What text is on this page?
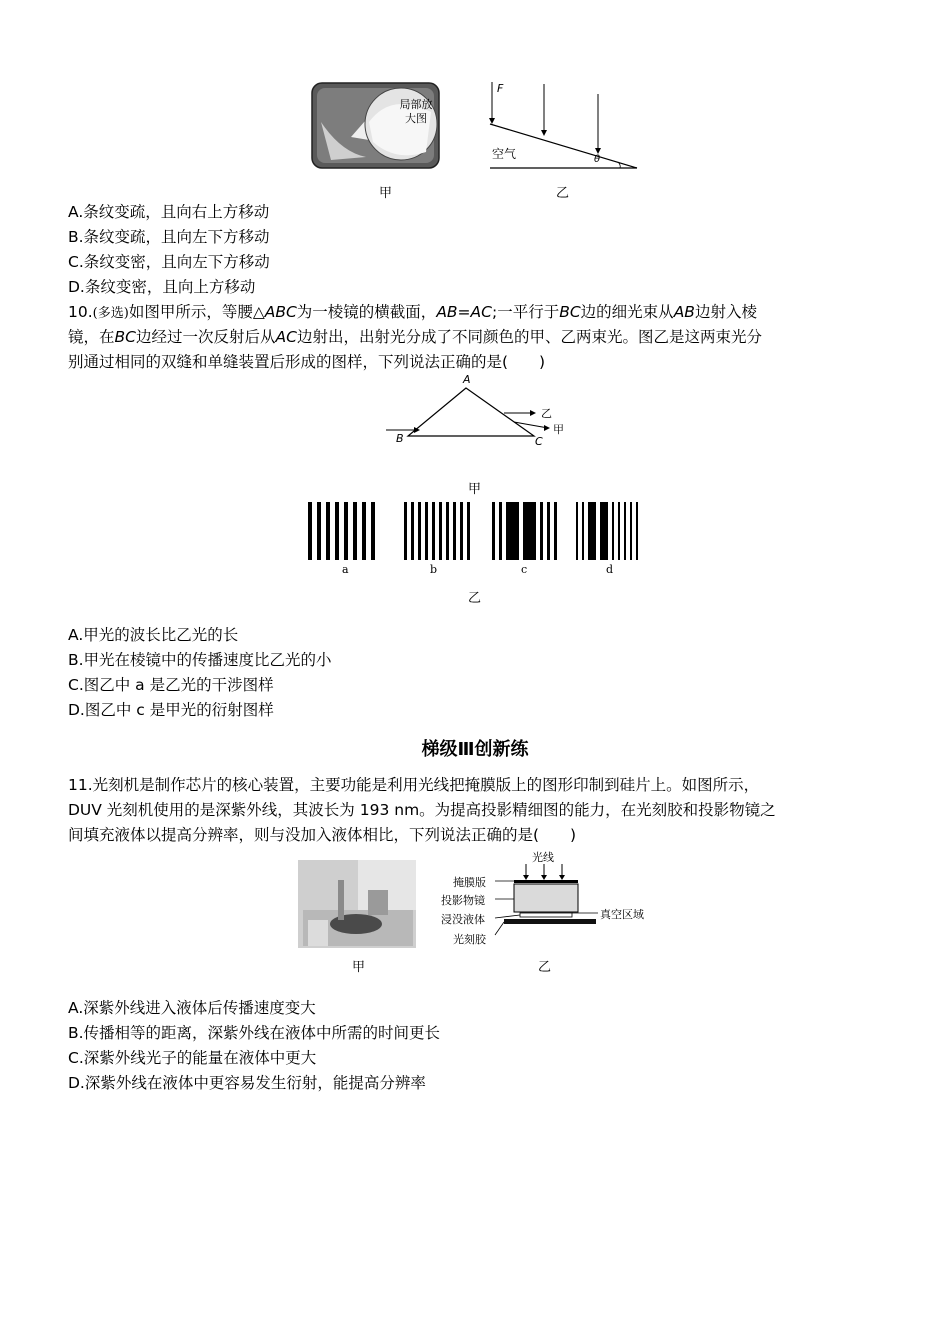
局部放大图
F
空气	θ
甲	乙
A.条纹变疏，且向右上方移动
B.条纹变疏，且向左下方移动
C.条纹变密，且向左下方移动
D.条纹变密，且向上方移动
10.(多选)如图甲所示，等腰△ABC为一棱镜的横截面，AB=AC;一平行于BC边的细光束从AB边射入棱
镜，在BC边经过一次反射后从AC边射出，出射光分成了不同颜色的甲、乙两束光。图乙是这两束光分
别通过相同的双缝和单缝装置后形成的图样，下列说法正确的是(　　)
A
B	C
乙
甲
甲
a	b	c	d
乙
A.甲光的波长比乙光的长
B.甲光在棱镜中的传播速度比乙光的小
C.图乙中 a 是乙光的干涉图样
D.图乙中 c 是甲光的衍射图样
梯级Ⅲ创新练
11.光刻机是制作芯片的核心装置，主要功能是利用光线把掩膜版上的图形印制到硅片上。如图所示，
DUV 光刻机使用的是深紫外线，其波长为 193 nm。为提高投影精细图的能力，在光刻胶和投影物镜之
间填充液体以提高分辨率，则与没加入液体相比，下列说法正确的是(　　)
光线
掩膜版
投影物镜
浸没液体
光刻胶
真空区域
甲	乙
A.深紫外线进入液体后传播速度变大
B.传播相等的距离，深紫外线在液体中所需的时间更长
C.深紫外线光子的能量在液体中更大
D.深紫外线在液体中更容易发生衍射，能提高分辨率
